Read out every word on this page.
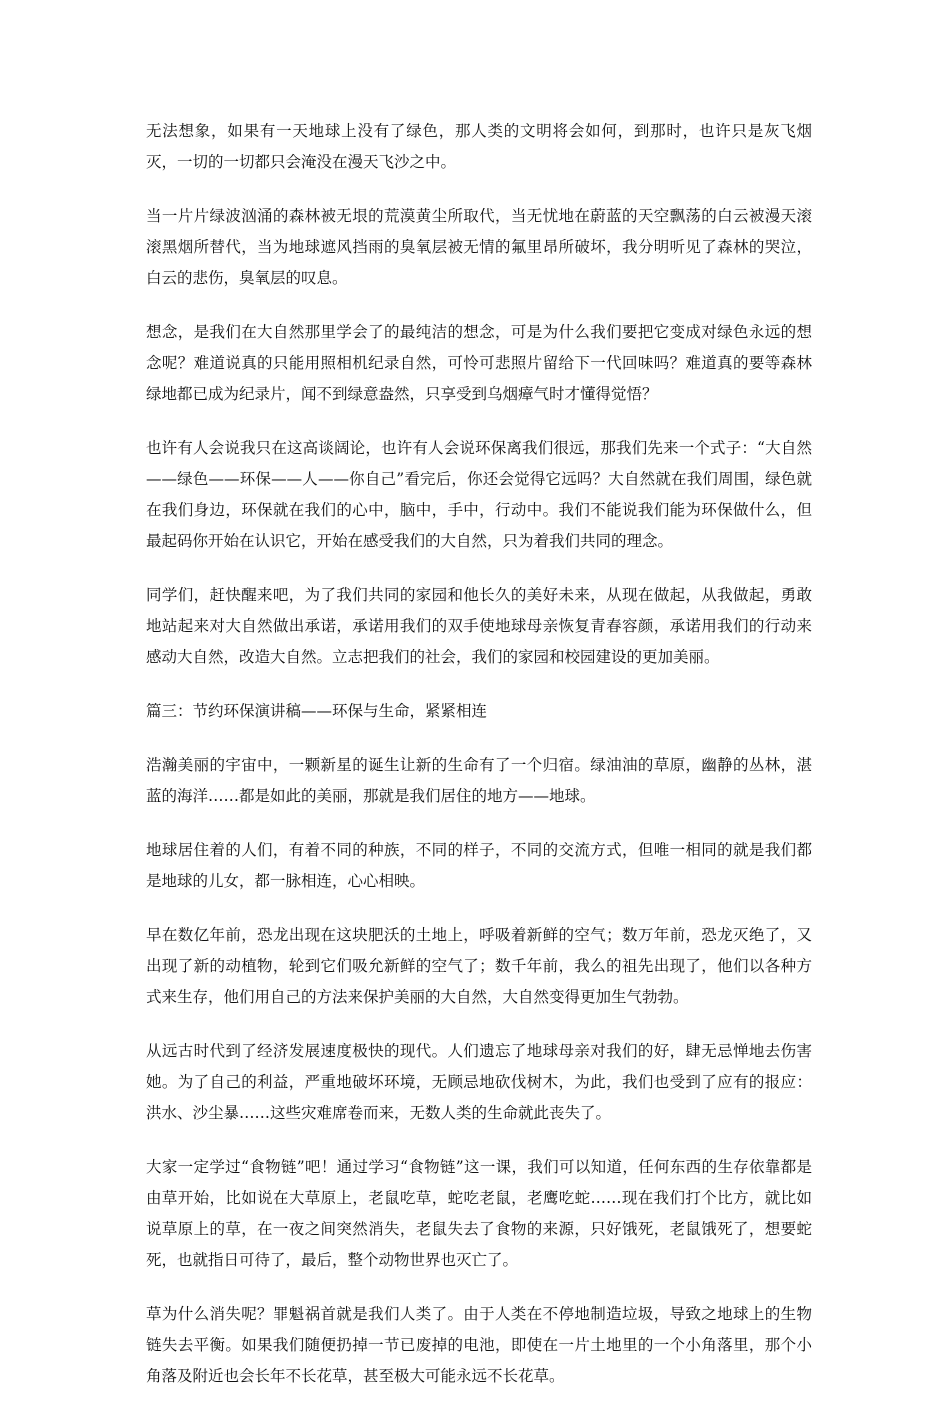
无法想象，如果有一天地球上没有了绿色，那人类的文明将会如何，到那时，也许只是灰飞烟灭，一切的一切都只会淹没在漫天飞沙之中。

当一片片绿波汹涌的森林被无垠的荒漠黄尘所取代，当无忧地在蔚蓝的天空飘荡的白云被漫天滚滚黑烟所替代，当为地球遮风挡雨的臭氧层被无情的氟里昂所破坏，我分明听见了森林的哭泣，白云的悲伤，臭氧层的叹息。

想念，是我们在大自然那里学会了的最纯洁的想念，可是为什么我们要把它变成对绿色永远的想念呢？难道说真的只能用照相机纪录自然，可怜可悲照片留给下一代回味吗？难道真的要等森林绿地都已成为纪录片，闻不到绿意盎然，只享受到乌烟瘴气时才懂得觉悟？

也许有人会说我只在这高谈阔论，也许有人会说环保离我们很远，那我们先来一个式子：“大自然——绿色——环保——人——你自己”看完后，你还会觉得它远吗？大自然就在我们周围，绿色就在我们身边，环保就在我们的心中，脑中，手中，行动中。我们不能说我们能为环保做什么，但最起码你开始在认识它，开始在感受我们的大自然，只为着我们共同的理念。

同学们，赶快醒来吧，为了我们共同的家园和他长久的美好未来，从现在做起，从我做起，勇敢地站起来对大自然做出承诺，承诺用我们的双手使地球母亲恢复青春容颜，承诺用我们的行动来感动大自然，改造大自然。立志把我们的社会，我们的家园和校园建设的更加美丽。

篇三：节约环保演讲稿——环保与生命，紧紧相连

浩瀚美丽的宇宙中，一颗新星的诞生让新的生命有了一个归宿。绿油油的草原，幽静的丛林，湛蓝的海洋……都是如此的美丽，那就是我们居住的地方——地球。

地球居住着的人们，有着不同的种族，不同的样子，不同的交流方式，但唯一相同的就是我们都是地球的儿女，都一脉相连，心心相映。

早在数亿年前，恐龙出现在这块肥沃的土地上，呼吸着新鲜的空气；数万年前，恐龙灭绝了，又出现了新的动植物，轮到它们吸允新鲜的空气了；数千年前，我么的祖先出现了，他们以各种方式来生存，他们用自己的方法来保护美丽的大自然，大自然变得更加生气勃勃。

从远古时代到了经济发展速度极快的现代。人们遗忘了地球母亲对我们的好，肆无忌惮地去伤害她。为了自己的利益，严重地破坏环境，无顾忌地砍伐树木，为此，我们也受到了应有的报应：洪水、沙尘暴……这些灾难席卷而来，无数人类的生命就此丧失了。

大家一定学过“食物链”吧！通过学习“食物链”这一课，我们可以知道，任何东西的生存依靠都是由草开始，比如说在大草原上，老鼠吃草，蛇吃老鼠，老鹰吃蛇……现在我们打个比方，就比如说草原上的草，在一夜之间突然消失，老鼠失去了食物的来源，只好饿死，老鼠饿死了，想要蛇死，也就指日可待了，最后，整个动物世界也灭亡了。

草为什么消失呢？罪魁祸首就是我们人类了。由于人类在不停地制造垃圾，导致之地球上的生物链失去平衡。如果我们随便扔掉一节已废掉的电池，即使在一片土地里的一个小角落里，那个小角落及附近也会长年不长花草，甚至极大可能永远不长花草。
